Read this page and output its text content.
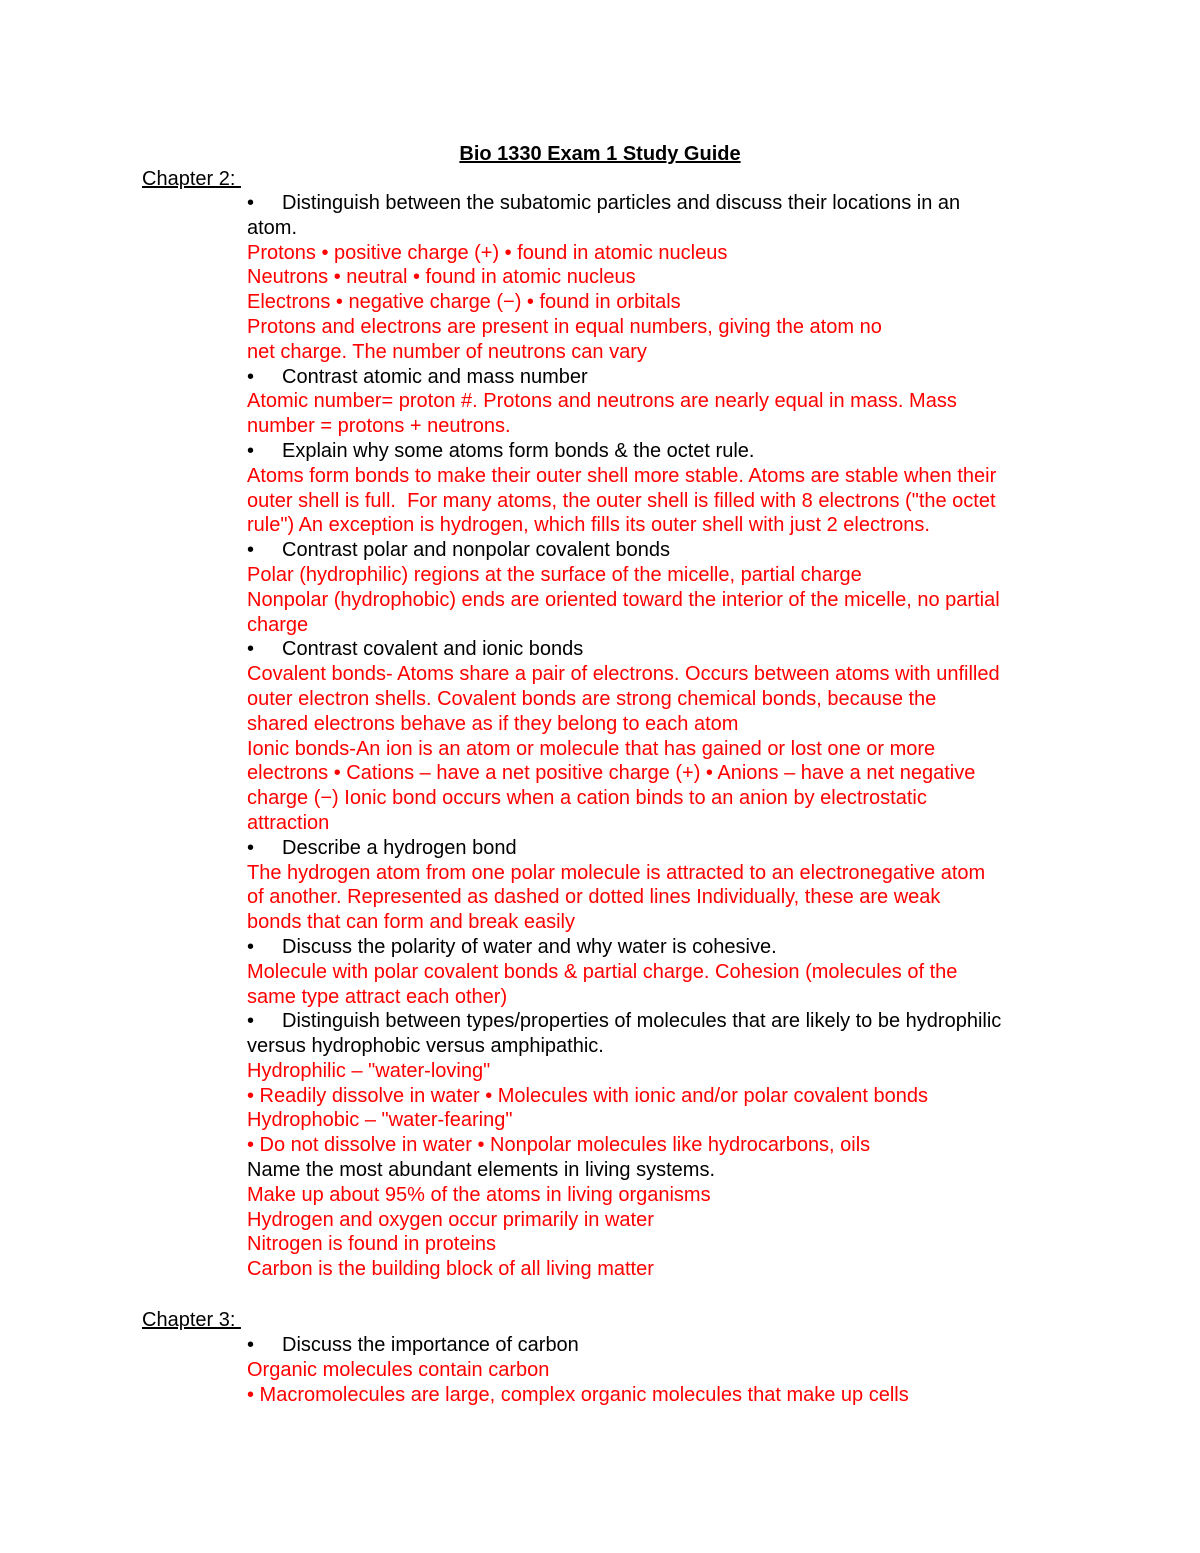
Bio 1330 Exam 1 Study Guide
Chapter 2:
•	Distinguish between the subatomic particles and discuss their locations in an
atom.
Protons • positive charge (+) • found in atomic nucleus
Neutrons • neutral • found in atomic nucleus
Electrons • negative charge (−) • found in orbitals
Protons and electrons are present in equal numbers, giving the atom no
net charge. The number of neutrons can vary
•	Contrast atomic and mass number
Atomic number= proton #. Protons and neutrons are nearly equal in mass. Mass
number = protons + neutrons.
•	Explain why some atoms form bonds & the octet rule.
Atoms form bonds to make their outer shell more stable. Atoms are stable when their
outer shell is full.  For many atoms, the outer shell is filled with 8 electrons ("the octet
rule") An exception is hydrogen, which fills its outer shell with just 2 electrons.
•	Contrast polar and nonpolar covalent bonds
Polar (hydrophilic) regions at the surface of the micelle, partial charge
Nonpolar (hydrophobic) ends are oriented toward the interior of the micelle, no partial
charge
•	Contrast covalent and ionic bonds
Covalent bonds- Atoms share a pair of electrons. Occurs between atoms with unfilled
outer electron shells. Covalent bonds are strong chemical bonds, because the
shared electrons behave as if they belong to each atom
Ionic bonds-An ion is an atom or molecule that has gained or lost one or more
electrons • Cations – have a net positive charge (+) • Anions – have a net negative
charge (−) Ionic bond occurs when a cation binds to an anion by electrostatic
attraction
•	Describe a hydrogen bond
The hydrogen atom from one polar molecule is attracted to an electronegative atom
of another. Represented as dashed or dotted lines Individually, these are weak
bonds that can form and break easily
•	Discuss the polarity of water and why water is cohesive.
Molecule with polar covalent bonds & partial charge. Cohesion (molecules of the
same type attract each other)
•	Distinguish between types/properties of molecules that are likely to be hydrophilic
versus hydrophobic versus amphipathic.
Hydrophilic – "water-loving"
• Readily dissolve in water • Molecules with ionic and/or polar covalent bonds
Hydrophobic – "water-fearing"
• Do not dissolve in water • Nonpolar molecules like hydrocarbons, oils
Name the most abundant elements in living systems.
Make up about 95% of the atoms in living organisms
Hydrogen and oxygen occur primarily in water
Nitrogen is found in proteins
Carbon is the building block of all living matter
Chapter 3:
•	Discuss the importance of carbon
Organic molecules contain carbon
• Macromolecules are large, complex organic molecules that make up cells
